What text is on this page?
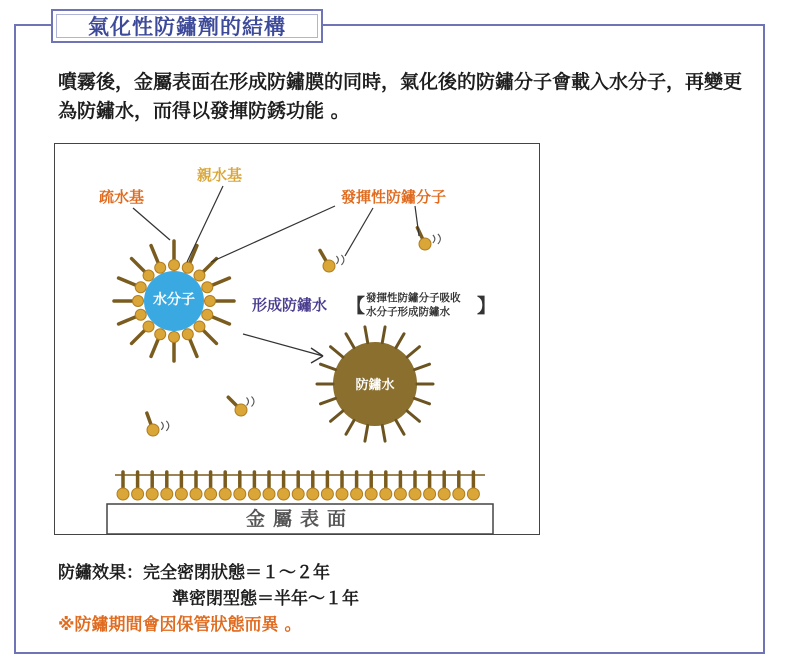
氣化性防鏽劑的結構
噴霧後，金屬表面在形成防鏽膜的同時，氣化後的防鏽分子會載入水分子，再變更為防鏽水，而得以發揮防銹功能 。
金屬表面
疏水基
親水基
發揮性防鏽分子
水分子
防鏽水
形成防鏽水 【 發揮性防鏽分子吸收
水分子形成防鏽水 】
防鏽效果：完全密閉狀態＝１～２年
準密閉型態＝半年～１年
※防鏽期間會因保管狀態而異 。
